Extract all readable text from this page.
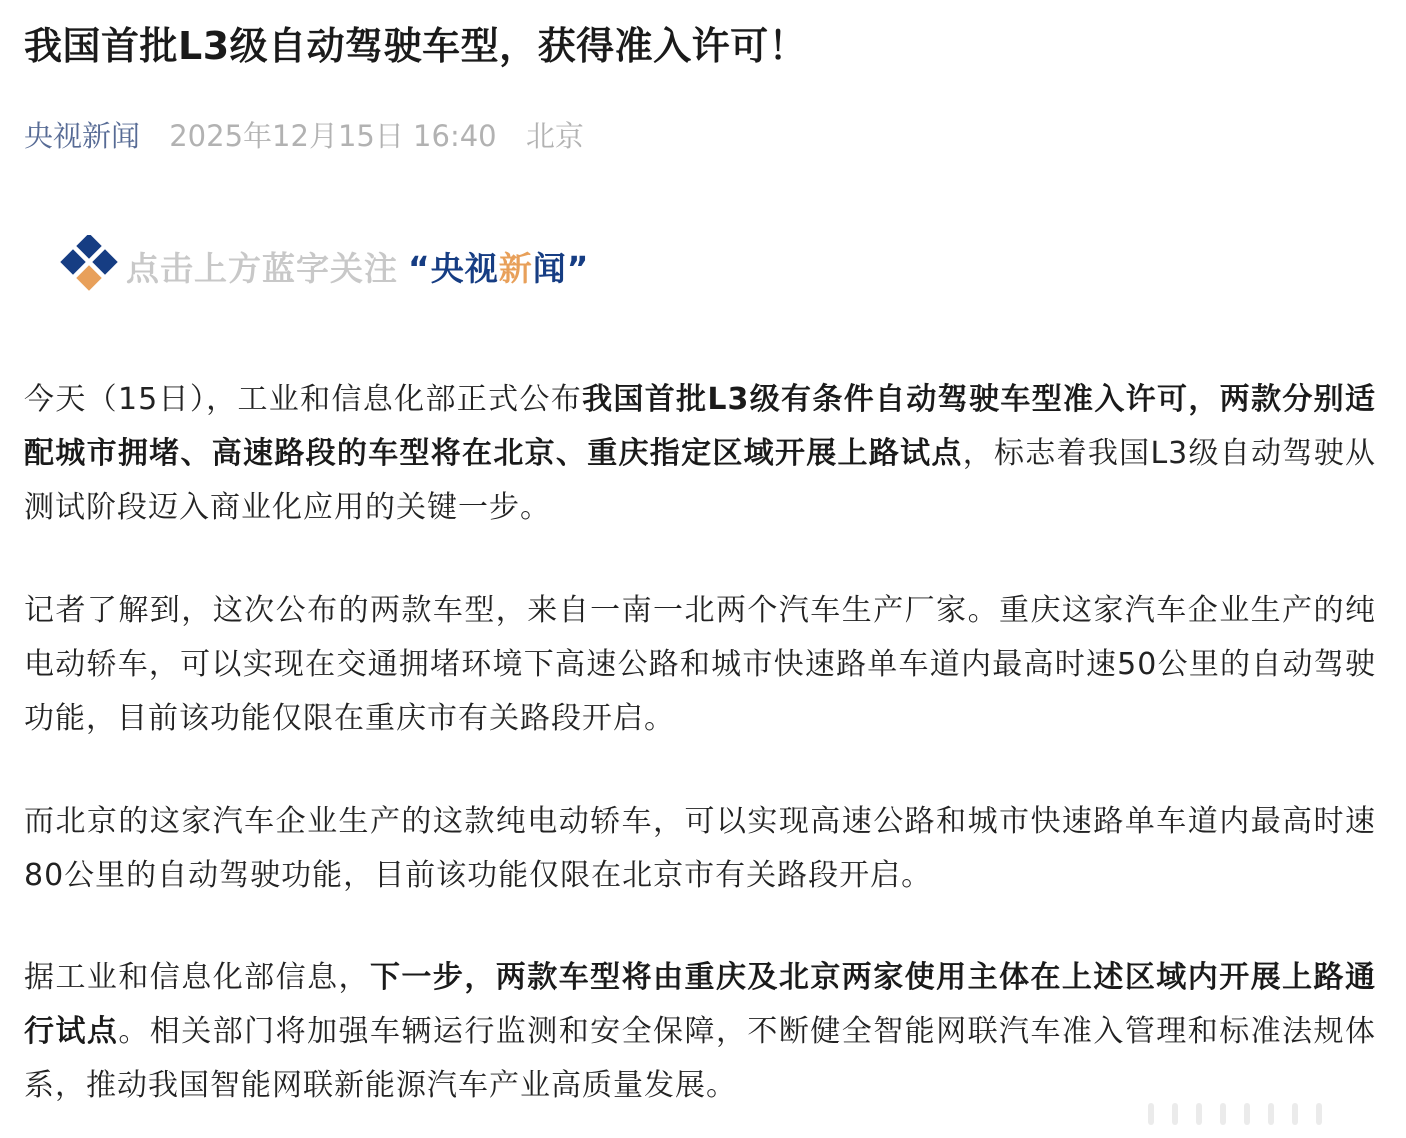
我国首批L3级自动驾驶车型，获得准入许可！
央视新闻 2025年12月15日 16:40 北京
点击上方蓝字关注 “央视新闻”

今天（15日），工业和信息化部正式公布我国首批L3级有条件自动驾驶车型准入许可，两款分别适配城市拥堵、高速路段的车型将在北京、重庆指定区域开展上路试点，标志着我国L3级自动驾驶从测试阶段迈入商业化应用的关键一步。

记者了解到，这次公布的两款车型，来自一南一北两个汽车生产厂家。重庆这家汽车企业生产的纯电动轿车，可以实现在交通拥堵环境下高速公路和城市快速路单车道内最高时速50公里的自动驾驶功能，目前该功能仅限在重庆市有关路段开启。

而北京的这家汽车企业生产的这款纯电动轿车，可以实现高速公路和城市快速路单车道内最高时速80公里的自动驾驶功能，目前该功能仅限在北京市有关路段开启。

据工业和信息化部信息，下一步，两款车型将由重庆及北京两家使用主体在上述区域内开展上路通行试点。相关部门将加强车辆运行监测和安全保障，不断健全智能网联汽车准入管理和标准法规体系，推动我国智能网联新能源汽车产业高质量发展。
